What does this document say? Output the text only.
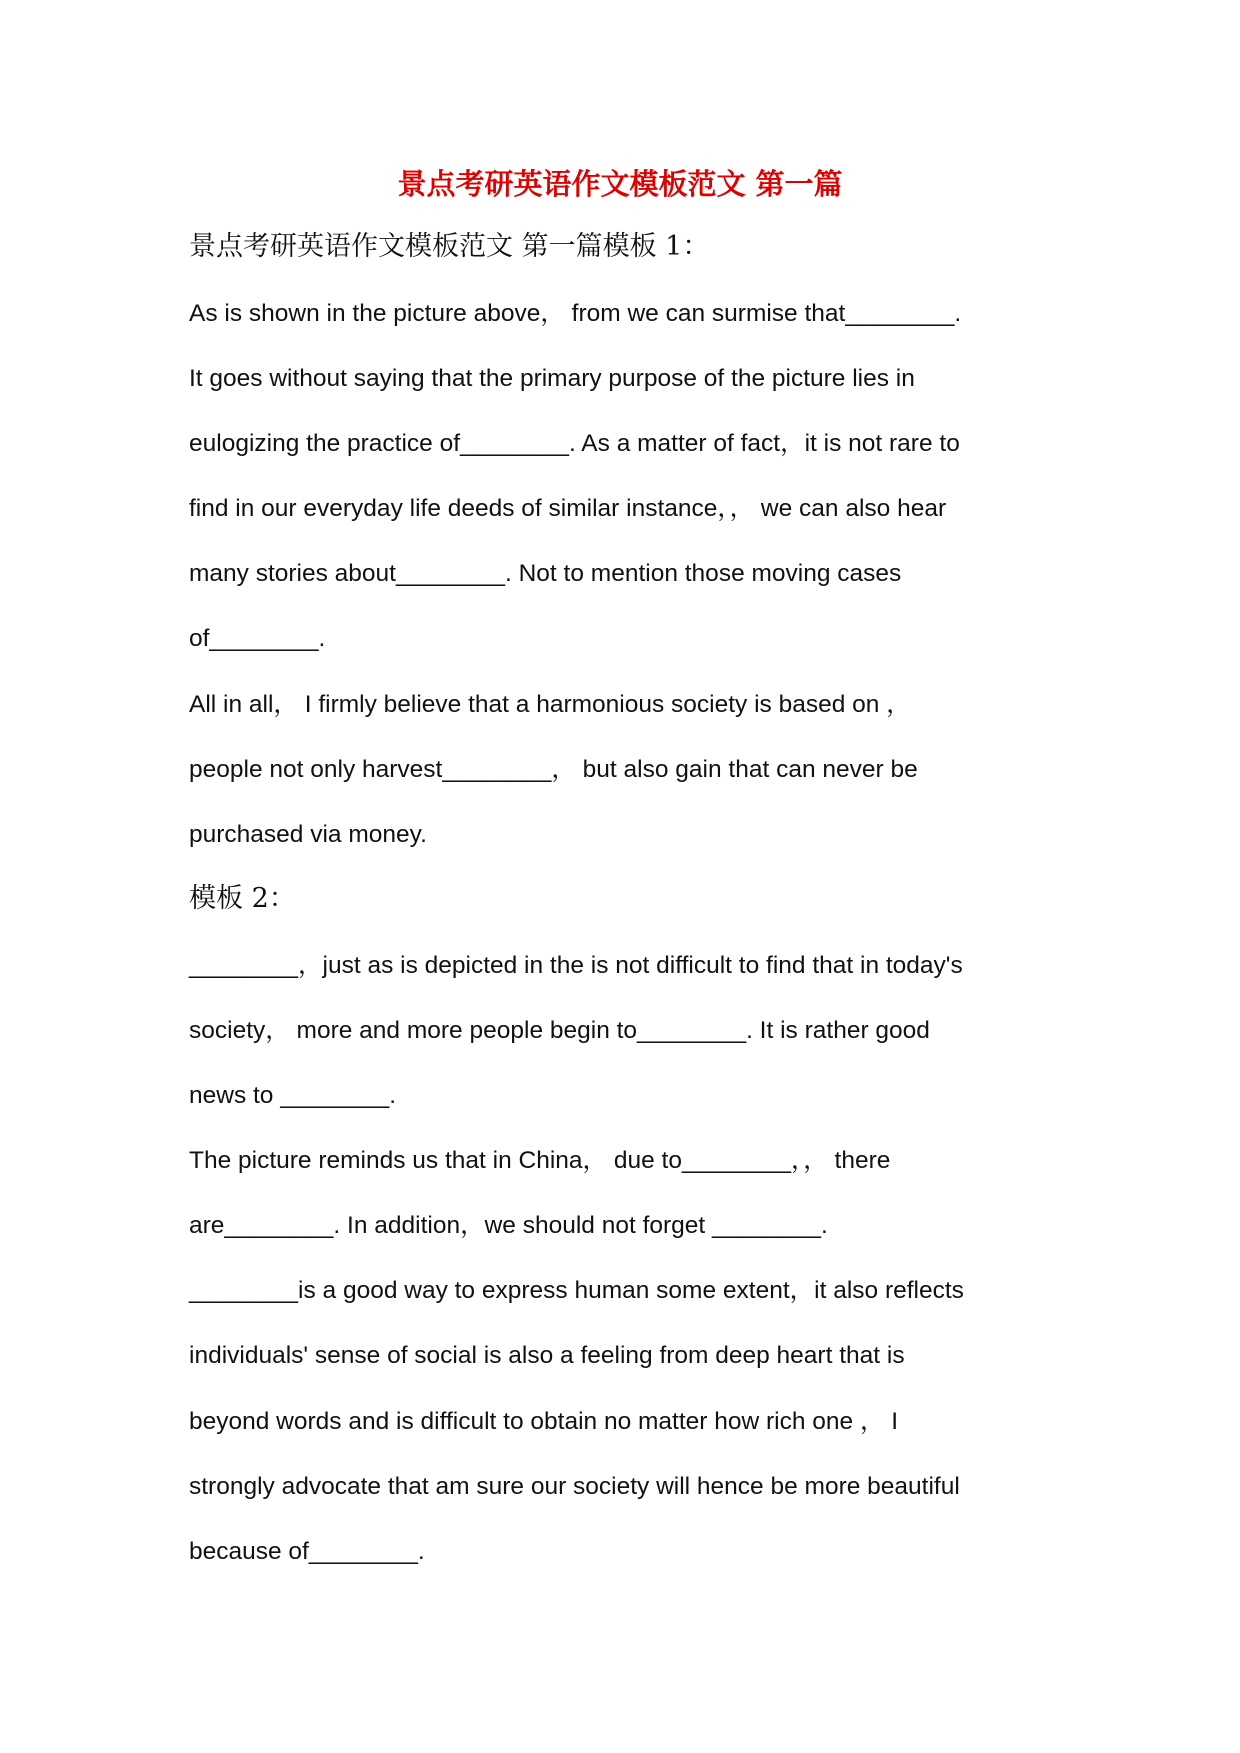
景点考研英语作文模板范文 第一篇
景点考研英语作文模板范文 第一篇模板 1：
As is shown in the picture above， from we can surmise that________.
It goes without saying that the primary purpose of the picture lies in
eulogizing the practice of________. As a matter of fact，it is not rare to
find in our everyday life deeds of similar instance，， we can also hear
many stories about________. Not to mention those moving cases
of________.
All in all， I firmly believe that a harmonious society is based on ，
people not only harvest________， but also gain that can never be
purchased via money.
模板 2：
________，just as is depicted in the is not difficult to find that in today's
society， more and more people begin to________. It is rather good
news to ________.
The picture reminds us that in China， due to________，， there
are________. In addition，we should not forget ________.
________is a good way to express human some extent，it also reflects
individuals' sense of social is also a feeling from deep heart that is
beyond words and is difficult to obtain no matter how rich one ， I
strongly advocate that am sure our society will hence be more beautiful
because of________.
